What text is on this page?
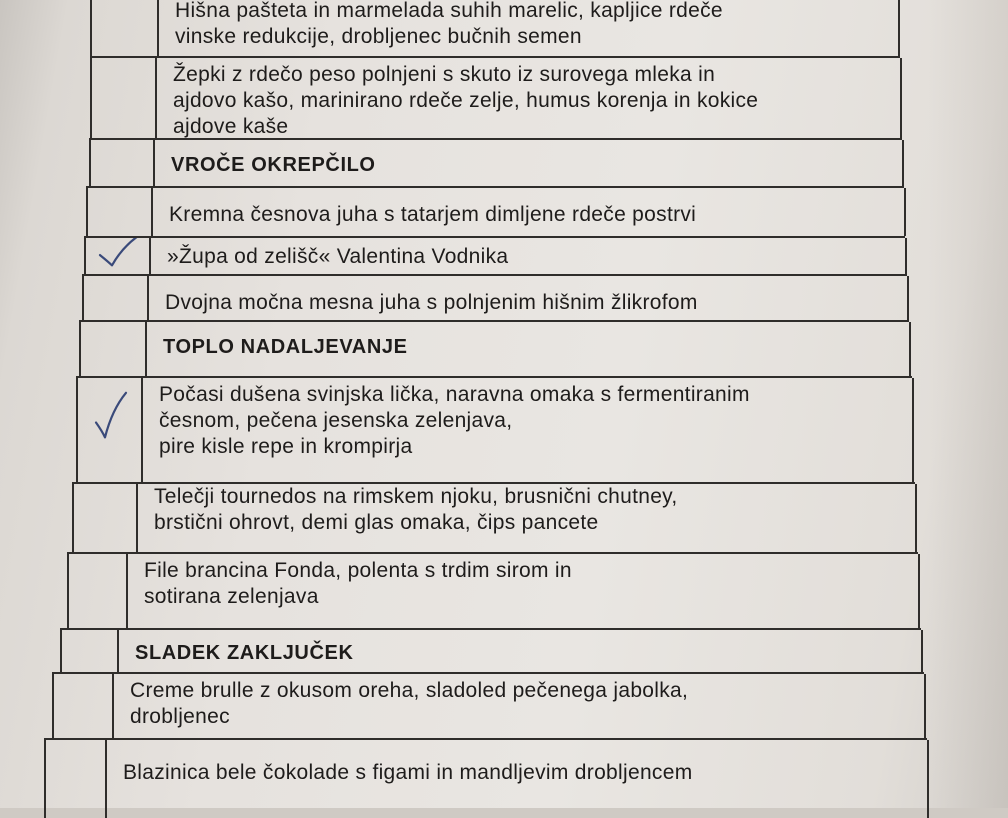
Hišna pašteta in marmelada suhih marelic, kapljice rdeče
vinske redukcije, drobljenec bučnih semen
Žepki z rdečo peso polnjeni s skuto iz surovega mleka in
ajdovo kašo, marinirano rdeče zelje, humus korenja in kokice
ajdove kaše
VROČE OKREPČILO
Kremna česnova juha s tatarjem dimljene rdeče postrvi
»Župa od zelišč« Valentina Vodnika
Dvojna močna mesna juha s polnjenim hišnim žlikrofom
TOPLO NADALJEVANJE
Počasi dušena svinjska lička, naravna omaka s fermentiranim
česnom, pečena jesenska zelenjava,
pire kisle repe in krompirja
Telečji tournedos na rimskem njoku, brusnični chutney,
brstični ohrovt, demi glas omaka, čips pancete
File brancina Fonda, polenta s trdim sirom in
sotirana zelenjava
SLADEK ZAKLJUČEK
Creme brulle z okusom oreha, sladoled pečenega jabolka,
drobljenec
Blazinica bele čokolade s figami in mandljevim drobljencem
